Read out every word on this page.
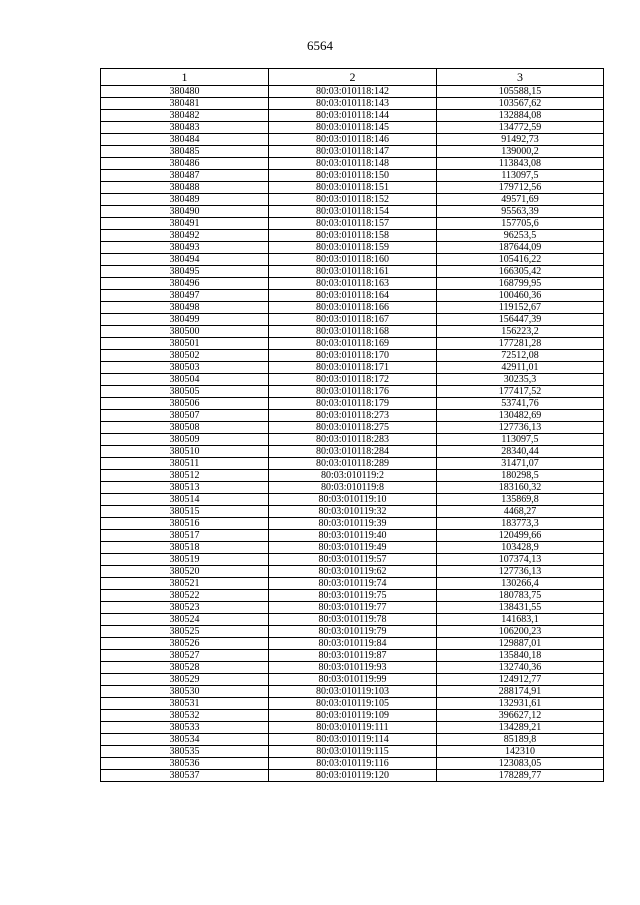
6564
1	2	3
380480	80:03:010118:142	105588,15
380481	80:03:010118:143	103567,62
380482	80:03:010118:144	132884,08
380483	80:03:010118:145	134772,59
380484	80:03:010118:146	91492,73
380485	80:03:010118:147	139000,2
380486	80:03:010118:148	113843,08
380487	80:03:010118:150	113097,5
380488	80:03:010118:151	179712,56
380489	80:03:010118:152	49571,69
380490	80:03:010118:154	95563,39
380491	80:03:010118:157	157705,6
380492	80:03:010118:158	96253,5
380493	80:03:010118:159	187644,09
380494	80:03:010118:160	105416,22
380495	80:03:010118:161	166305,42
380496	80:03:010118:163	168799,95
380497	80:03:010118:164	100460,36
380498	80:03:010118:166	119152,67
380499	80:03:010118:167	156447,39
380500	80:03:010118:168	156223,2
380501	80:03:010118:169	177281,28
380502	80:03:010118:170	72512,08
380503	80:03:010118:171	42911,01
380504	80:03:010118:172	30235,3
380505	80:03:010118:176	177417,52
380506	80:03:010118:179	53741,76
380507	80:03:010118:273	130482,69
380508	80:03:010118:275	127736,13
380509	80:03:010118:283	113097,5
380510	80:03:010118:284	28340,44
380511	80:03:010118:289	31471,07
380512	80:03:010119:2	180298,5
380513	80:03:010119:8	183160,32
380514	80:03:010119:10	135869,8
380515	80:03:010119:32	4468,27
380516	80:03:010119:39	183773,3
380517	80:03:010119:40	120499,66
380518	80:03:010119:49	103428,9
380519	80:03:010119:57	107374,13
380520	80:03:010119:62	127736,13
380521	80:03:010119:74	130266,4
380522	80:03:010119:75	180783,75
380523	80:03:010119:77	138431,55
380524	80:03:010119:78	141683,1
380525	80:03:010119:79	106200,23
380526	80:03:010119:84	129887,01
380527	80:03:010119:87	135840,18
380528	80:03:010119:93	132740,36
380529	80:03:010119:99	124912,77
380530	80:03:010119:103	288174,91
380531	80:03:010119:105	132931,61
380532	80:03:010119:109	396627,12
380533	80:03:010119:111	134289,21
380534	80:03:010119:114	85189,8
380535	80:03:010119:115	142310
380536	80:03:010119:116	123083,05
380537	80:03:010119:120	178289,77
